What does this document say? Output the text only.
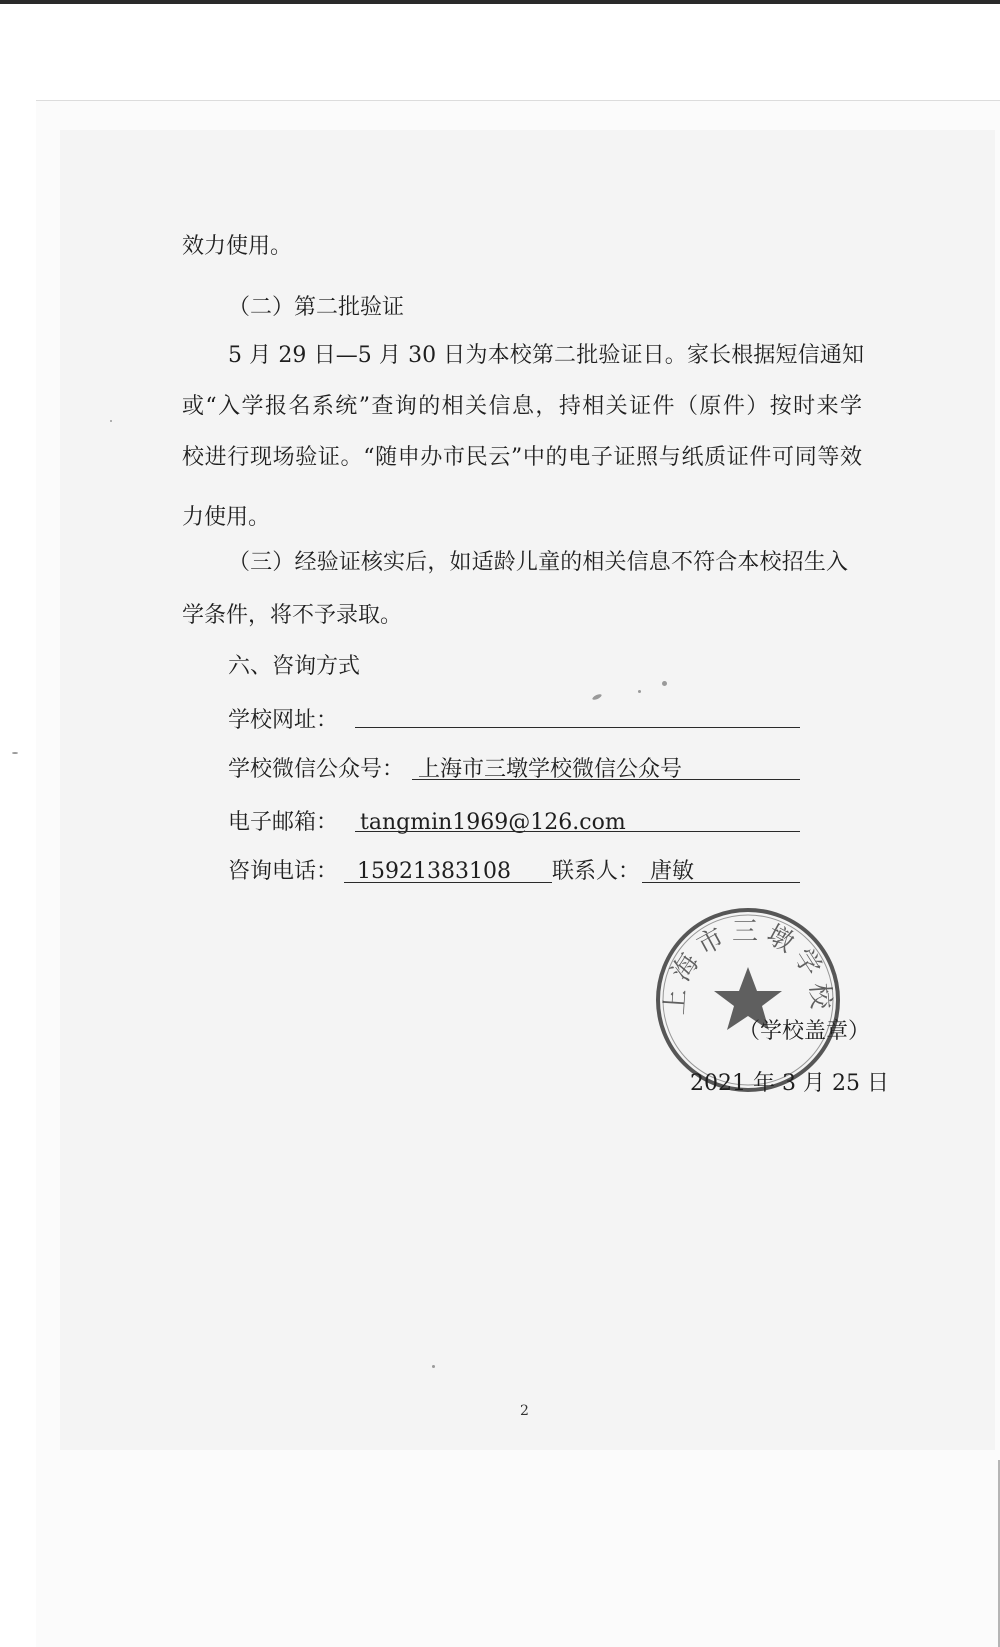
效力使用。
（二）第二批验证
5 月 29 日—5 月 30 日为本校第二批验证日。家长根据短信通知
或“入学报名系统”查询的相关信息，持相关证件（原件）按时来学
校进行现场验证。“随申办市民云”中的电子证照与纸质证件可同等效
力使用。
（三）经验证核实后，如适龄儿童的相关信息不符合本校招生入
学条件，将不予录取。
六、咨询方式
学校网址：
学校微信公众号： 上海市三墩学校微信公众号
电子邮箱： tangmin1969@126.com
咨询电话： 15921383108 联系人： 唐敏
上海市三墩学校
（学校盖章）
2021 年 3 月 25 日
2
